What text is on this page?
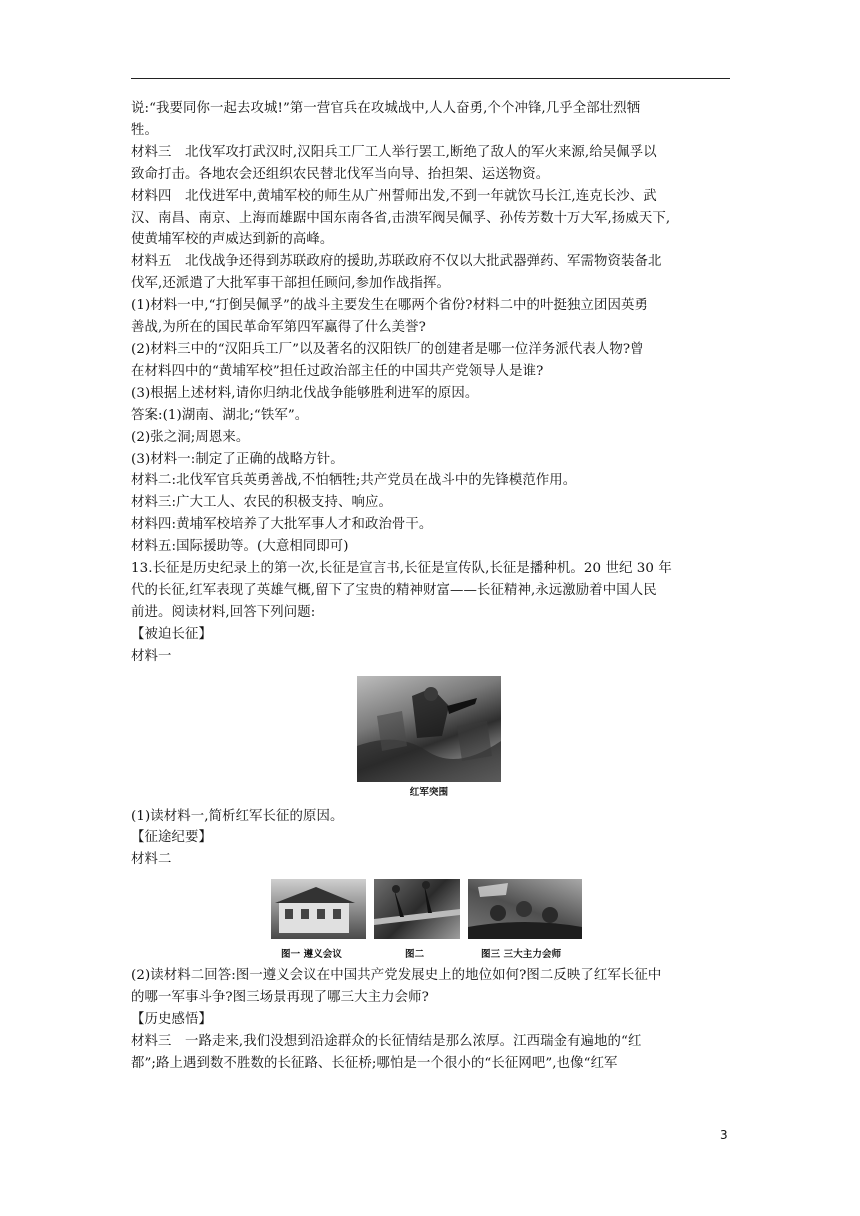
说:“我要同你一起去攻城!”第一营官兵在攻城战中,人人奋勇,个个冲锋,几乎全部壮烈牺

牲。

材料三　北伐军攻打武汉时,汉阳兵工厂工人举行罢工,断绝了敌人的军火来源,给吴佩孚以

致命打击。各地农会还组织农民替北伐军当向导、抬担架、运送物资。

材料四　北伐进军中,黄埔军校的师生从广州誓师出发,不到一年就饮马长江,连克长沙、武

汉、南昌、南京、上海而雄踞中国东南各省,击溃军阀吴佩孚、孙传芳数十万大军,扬威天下,

使黄埔军校的声威达到新的高峰。

材料五　北伐战争还得到苏联政府的援助,苏联政府不仅以大批武器弹药、军需物资装备北

伐军,还派遣了大批军事干部担任顾问,参加作战指挥。

(1)材料一中,“打倒吴佩孚”的战斗主要发生在哪两个省份?材料二中的叶挺独立团因英勇

善战,为所在的国民革命军第四军赢得了什么美誉?

(2)材料三中的“汉阳兵工厂”以及著名的汉阳铁厂的创建者是哪一位洋务派代表人物?曾

在材料四中的“黄埔军校”担任过政治部主任的中国共产党领导人是谁?

(3)根据上述材料,请你归纳北伐战争能够胜利进军的原因。

答案:(1)湖南、湖北;“铁军”。

(2)张之洞;周恩来。

(3)材料一:制定了正确的战略方针。

材料二:北伐军官兵英勇善战,不怕牺牲;共产党员在战斗中的先锋模范作用。

材料三:广大工人、农民的积极支持、响应。

材料四:黄埔军校培养了大批军事人才和政治骨干。

材料五:国际援助等。(大意相同即可)

13.长征是历史纪录上的第一次,长征是宣言书,长征是宣传队,长征是播种机。20 世纪 30 年

代的长征,红军表现了英雄气概,留下了宝贵的精神财富——长征精神,永远激励着中国人民

前进。阅读材料,回答下列问题:

【被迫长征】

材料一

红军突围

(1)读材料一,简析红军长征的原因。

【征途纪要】

材料二

图一 遵义会议	图二	图三 三大主力会师

(2)读材料二回答:图一遵义会议在中国共产党发展史上的地位如何?图二反映了红军长征中

的哪一军事斗争?图三场景再现了哪三大主力会师?

【历史感悟】

材料三　一路走来,我们没想到沿途群众的长征情结是那么浓厚。江西瑞金有遍地的“红

都”;路上遇到数不胜数的长征路、长征桥;哪怕是一个很小的“长征网吧”,也像“红军

3
